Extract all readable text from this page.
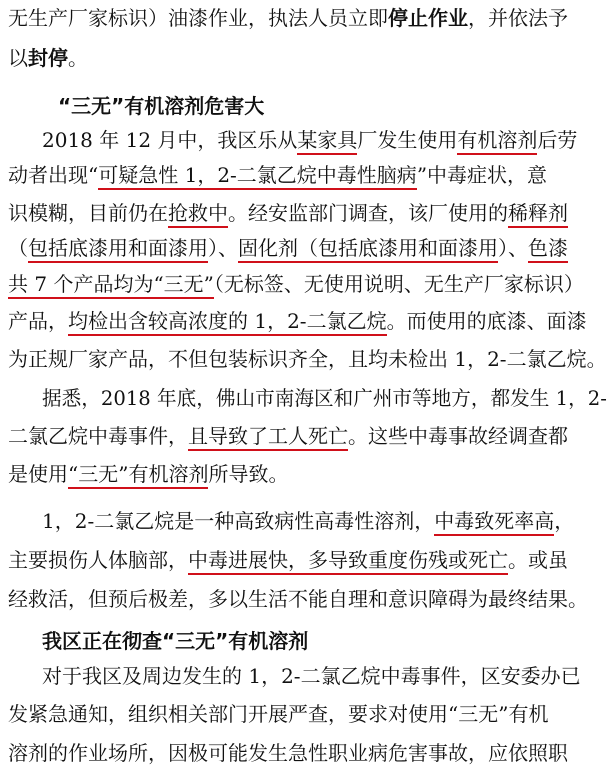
无生产厂家标识）油漆作业，执法人员立即停止作业，并依法予
以封停。
“三无”有机溶剂危害大
2018 年 12 月中，我区乐从某家具厂发生使用有机溶剂后劳
动者出现“可疑急性 1，2-二氯乙烷中毒性脑病”中毒症状，意
识模糊，目前仍在抢救中。经安监部门调查，该厂使用的稀释剂
（包括底漆用和面漆用）、固化剂（包括底漆用和面漆用）、色漆
共 7 个产品均为“三无”（无标签、无使用说明、无生产厂家标识）
产品，均检出含较高浓度的 1，2-二氯乙烷。而使用的底漆、面漆
为正规厂家产品，不但包装标识齐全，且均未检出 1，2-二氯乙烷。
据悉，2018 年底，佛山市南海区和广州市等地方，都发生 1，2-
二氯乙烷中毒事件，且导致了工人死亡。这些中毒事故经调查都
是使用“三无”有机溶剂所导致。
1，2-二氯乙烷是一种高致病性高毒性溶剂，中毒致死率高，
主要损伤人体脑部，中毒进展快，多导致重度伤残或死亡。或虽
经救活，但预后极差，多以生活不能自理和意识障碍为最终结果。
我区正在彻查“三无”有机溶剂
对于我区及周边发生的 1，2-二氯乙烷中毒事件，区安委办已
发紧急通知，组织相关部门开展严查，要求对使用“三无”有机
溶剂的作业场所，因极可能发生急性职业病危害事故，应依照职
